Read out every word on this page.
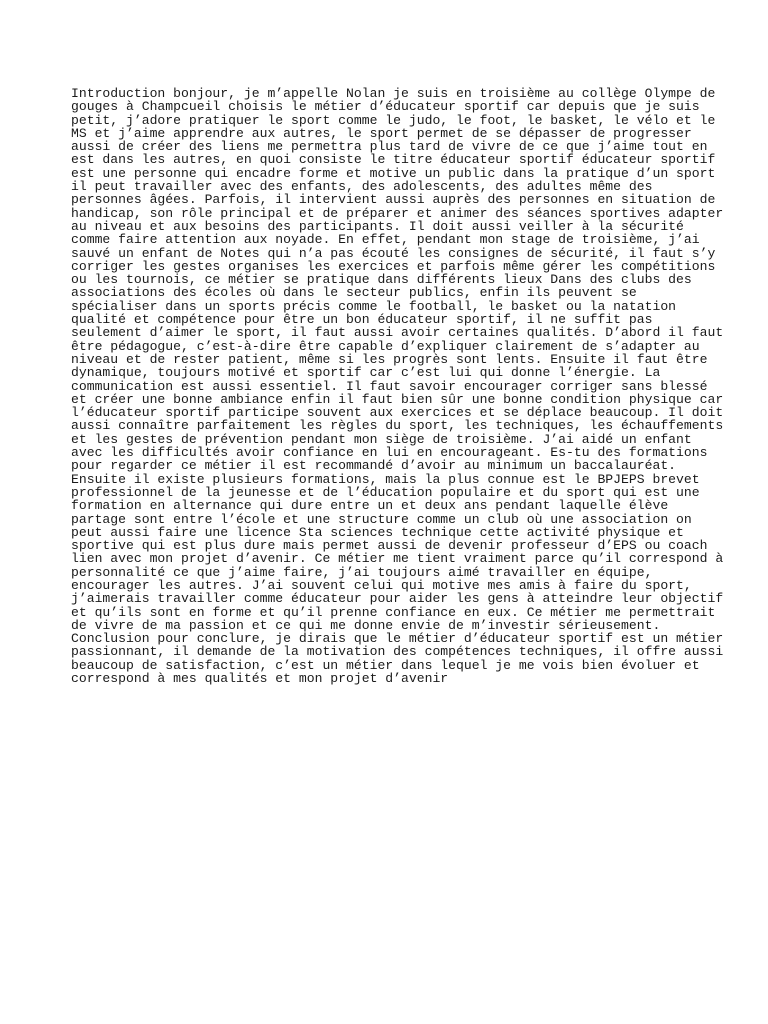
Introduction bonjour, je m’appelle Nolan je suis en troisième au collège Olympe de
gouges à Champcueil choisis le métier d’éducateur sportif car depuis que je suis
petit, j’adore pratiquer le sport comme le judo, le foot, le basket, le vélo et le
MS et j’aime apprendre aux autres, le sport permet de se dépasser de progresser
aussi de créer des liens me permettra plus tard de vivre de ce que j’aime tout en
est dans les autres, en quoi consiste le titre éducateur sportif éducateur sportif
est une personne qui encadre forme et motive un public dans la pratique d’un sport
il peut travailler avec des enfants, des adolescents, des adultes même des
personnes âgées. Parfois, il intervient aussi auprès des personnes en situation de
handicap, son rôle principal et de préparer et animer des séances sportives adapter
au niveau et aux besoins des participants. Il doit aussi veiller à la sécurité
comme faire attention aux noyade. En effet, pendant mon stage de troisième, j’ai
sauvé un enfant de Notes qui n’a pas écouté les consignes de sécurité, il faut s’y
corriger les gestes organises les exercices et parfois même gérer les compétitions
ou les tournois, ce métier se pratique dans différents lieux Dans des clubs des
associations des écoles où dans le secteur publics, enfin ils peuvent se
spécialiser dans un sports précis comme le football, le basket ou la natation
qualité et compétence pour être un bon éducateur sportif, il ne suffit pas
seulement d’aimer le sport, il faut aussi avoir certaines qualités. D’abord il faut
être pédagogue, c’est-à-dire être capable d’expliquer clairement de s’adapter au
niveau et de rester patient, même si les progrès sont lents. Ensuite il faut être
dynamique, toujours motivé et sportif car c’est lui qui donne l’énergie. La
communication est aussi essentiel. Il faut savoir encourager corriger sans blessé
et créer une bonne ambiance enfin il faut bien sûr une bonne condition physique car
l’éducateur sportif participe souvent aux exercices et se déplace beaucoup. Il doit
aussi connaître parfaitement les règles du sport, les techniques, les échauffements
et les gestes de prévention pendant mon siège de troisième. J’ai aidé un enfant
avec les difficultés avoir confiance en lui en encourageant. Es-tu des formations
pour regarder ce métier il est recommandé d’avoir au minimum un baccalauréat.
Ensuite il existe plusieurs formations, mais la plus connue est le BPJEPS brevet
professionnel de la jeunesse et de l’éducation populaire et du sport qui est une
formation en alternance qui dure entre un et deux ans pendant laquelle élève
partage sont entre l’école et une structure comme un club où une association on
peut aussi faire une licence Sta sciences technique cette activité physique et
sportive qui est plus dure mais permet aussi de devenir professeur d’EPS ou coach
lien avec mon projet d’avenir. Ce métier me tient vraiment parce qu’il correspond à
personnalité ce que j’aime faire, j’ai toujours aimé travailler en équipe,
encourager les autres. J’ai souvent celui qui motive mes amis à faire du sport,
j’aimerais travailler comme éducateur pour aider les gens à atteindre leur objectif
et qu’ils sont en forme et qu’il prenne confiance en eux. Ce métier me permettrait
de vivre de ma passion et ce qui me donne envie de m’investir sérieusement.
Conclusion pour conclure, je dirais que le métier d’éducateur sportif est un métier
passionnant, il demande de la motivation des compétences techniques, il offre aussi
beaucoup de satisfaction, c’est un métier dans lequel je me vois bien évoluer et
correspond à mes qualités et mon projet d’avenir
